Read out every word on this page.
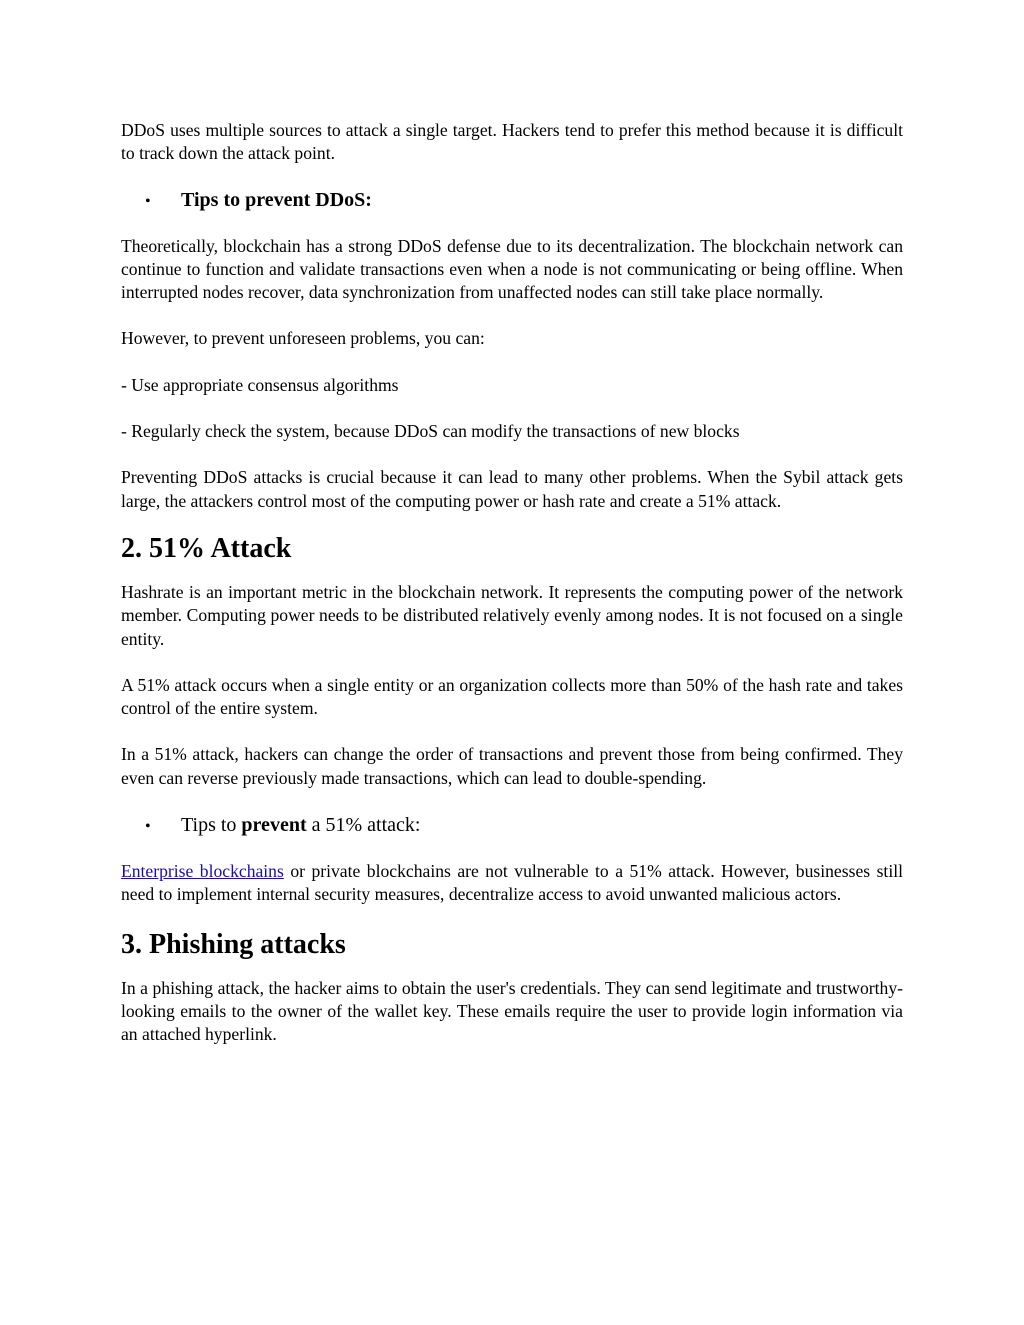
DDoS uses multiple sources to attack a single target. Hackers tend to prefer this method because it is difficult to track down the attack point.

•	Tips to prevent DDoS:

Theoretically, blockchain has a strong DDoS defense due to its decentralization. The blockchain network can continue to function and validate transactions even when a node is not communicating or being offline. When interrupted nodes recover, data synchronization from unaffected nodes can still take place normally.

However, to prevent unforeseen problems, you can:

- Use appropriate consensus algorithms

- Regularly check the system, because DDoS can modify the transactions of new blocks

Preventing DDoS attacks is crucial because it can lead to many other problems. When the Sybil attack gets large, the attackers control most of the computing power or hash rate and create a 51% attack.

2. 51% Attack

Hashrate is an important metric in the blockchain network. It represents the computing power of the network member. Computing power needs to be distributed relatively evenly among nodes. It is not focused on a single entity.

A 51% attack occurs when a single entity or an organization collects more than 50% of the hash rate and takes control of the entire system.

In a 51% attack, hackers can change the order of transactions and prevent those from being confirmed. They even can reverse previously made transactions, which can lead to double-spending.

•	Tips to prevent a 51% attack:

Enterprise blockchains or private blockchains are not vulnerable to a 51% attack. However, businesses still need to implement internal security measures, decentralize access to avoid unwanted malicious actors.

3. Phishing attacks

In a phishing attack, the hacker aims to obtain the user's credentials. They can send legitimate and trustworthy-looking emails to the owner of the wallet key. These emails require the user to provide login information via an attached hyperlink.
